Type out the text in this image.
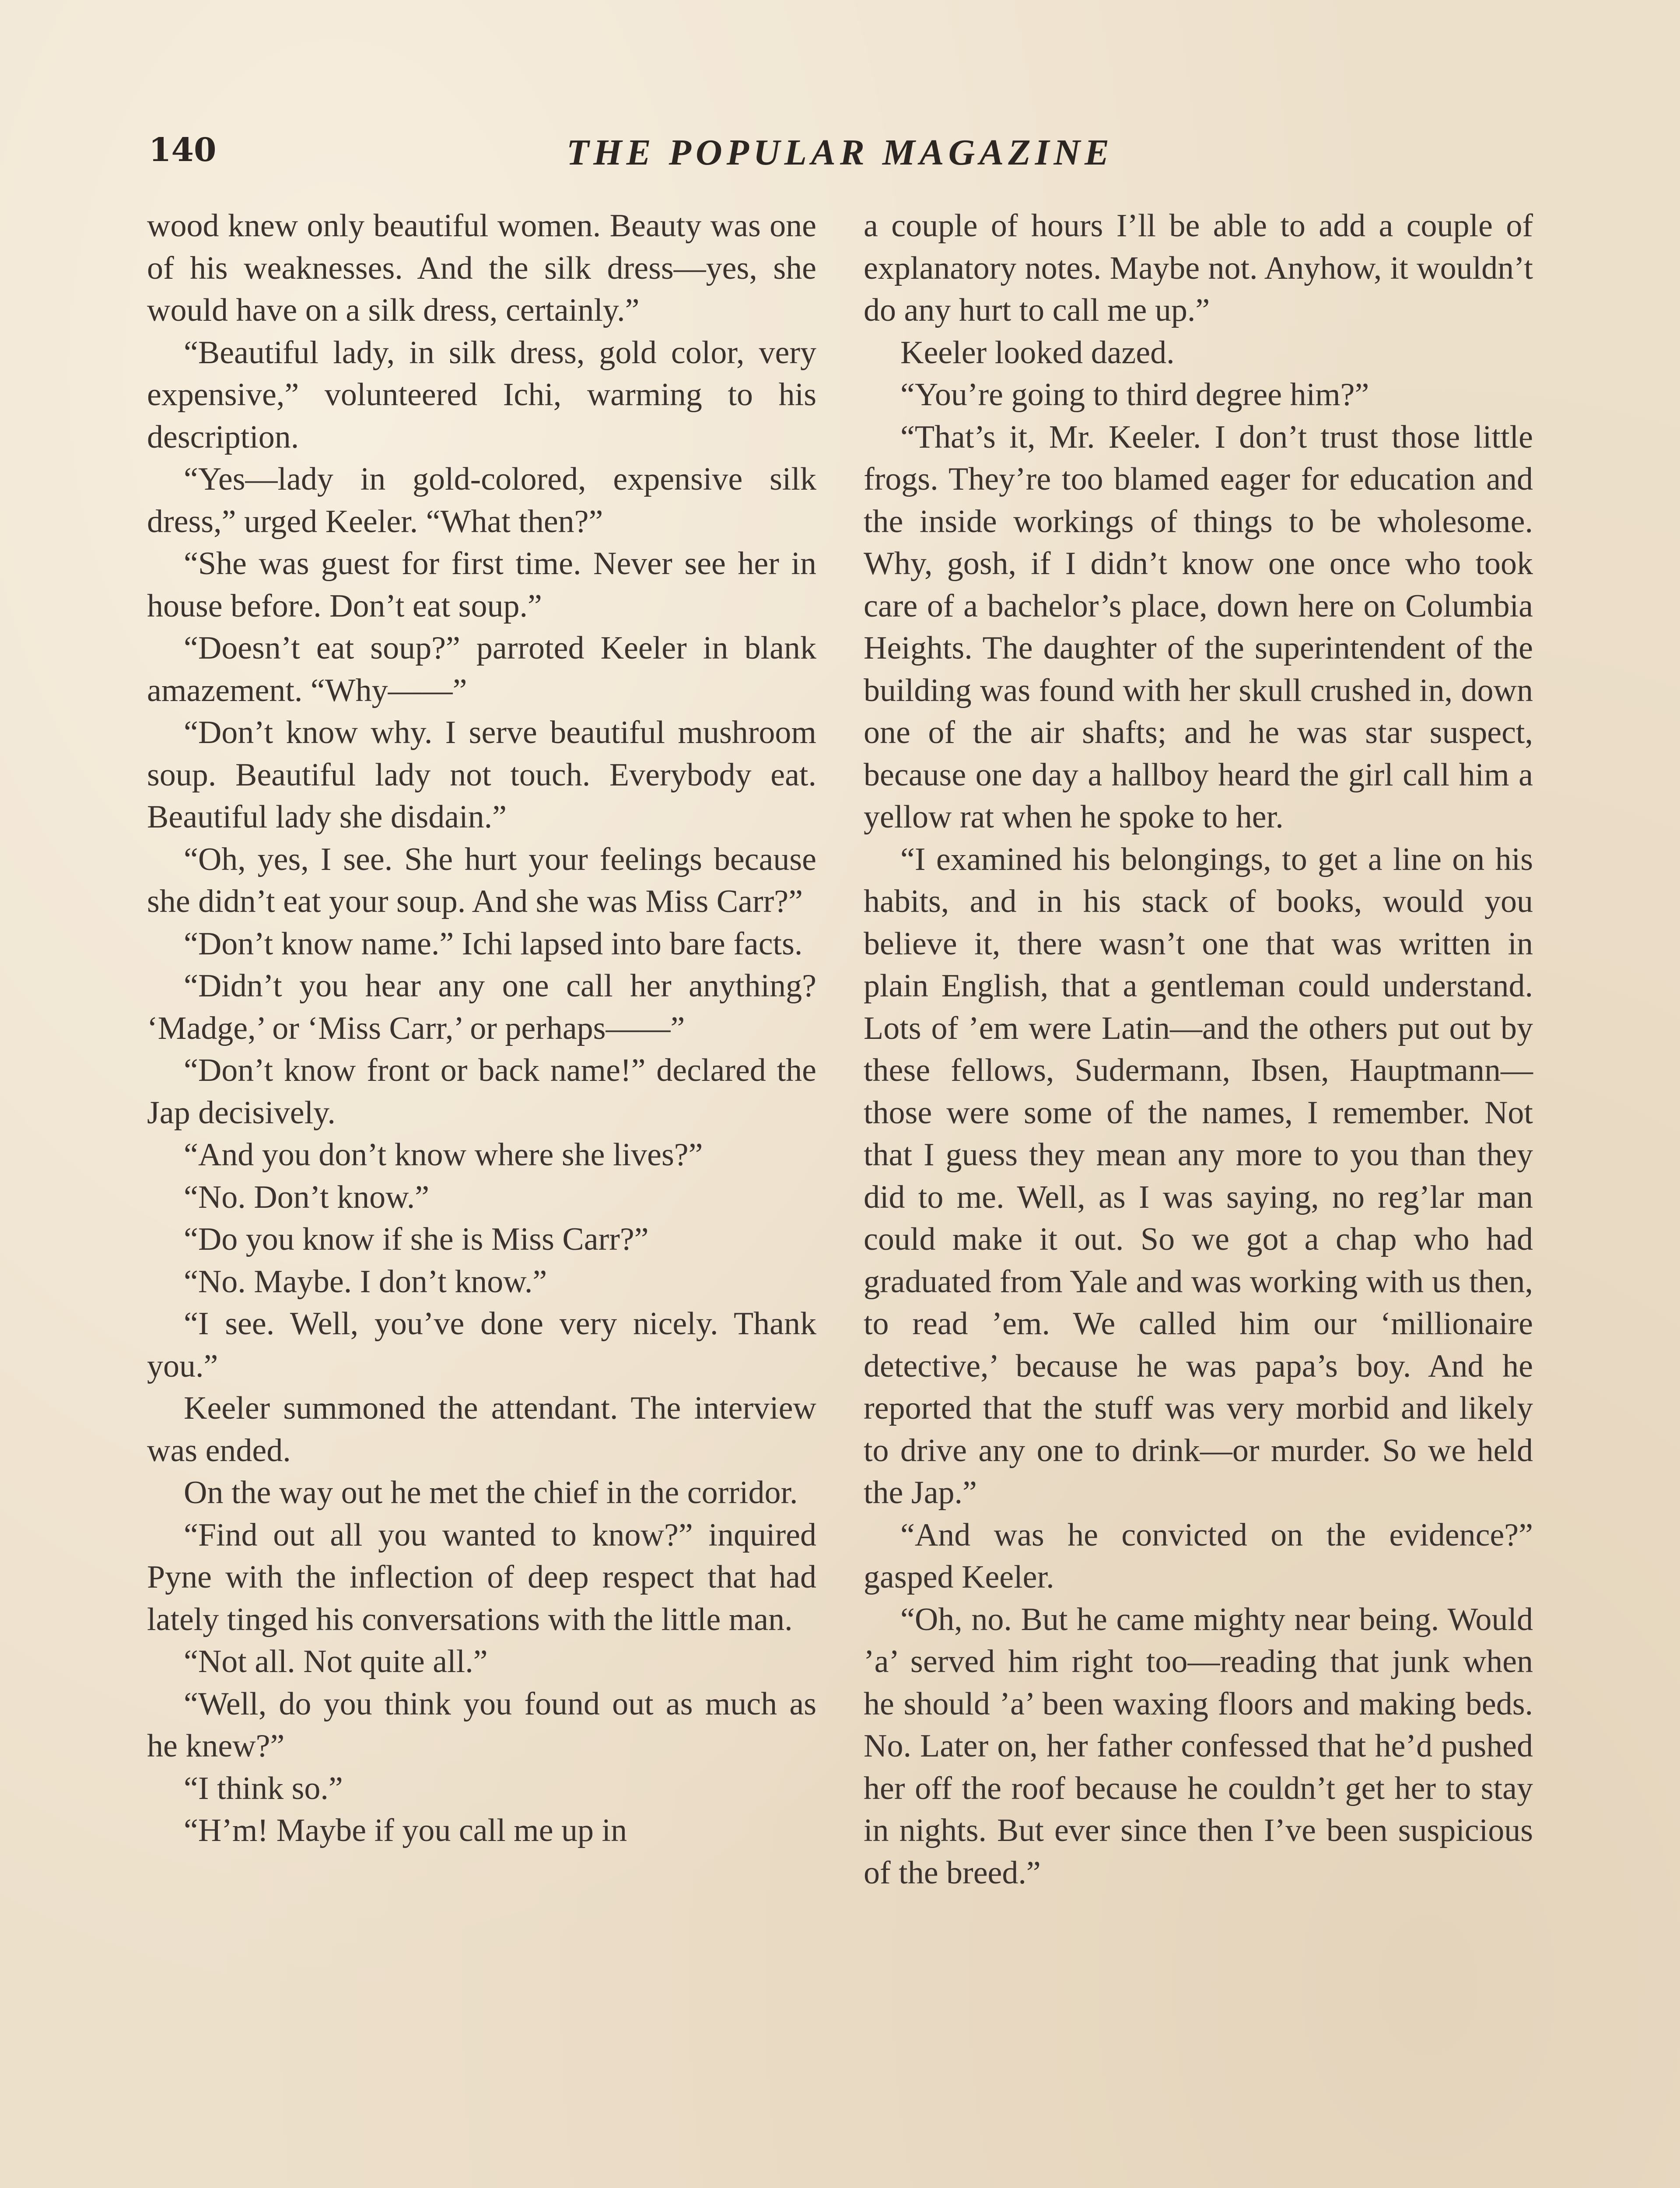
140	THE POPULAR MAGAZINE

wood knew only beautiful women. Beauty was one of his weaknesses. And the silk dress—yes, she would have on a silk dress, certainly.”

“Beautiful lady, in silk dress, gold color, very expensive,” volunteered Ichi, warming to his description.

“Yes—lady in gold-colored, expensive silk dress,” urged Keeler. “What then?”

“She was guest for first time. Never see her in house before. Don’t eat soup.”

“Doesn’t eat soup?” parroted Keeler in blank amazement. “Why——”

“Don’t know why. I serve beautiful mushroom soup. Beautiful lady not touch. Everybody eat. Beautiful lady she disdain.”

“Oh, yes, I see. She hurt your feelings because she didn’t eat your soup. And she was Miss Carr?”

“Don’t know name.” Ichi lapsed into bare facts.

“Didn’t you hear any one call her anything? ‘Madge,’ or ‘Miss Carr,’ or perhaps——”

“Don’t know front or back name!” declared the Jap decisively.

“And you don’t know where she lives?”

“No. Don’t know.”

“Do you know if she is Miss Carr?”

“No. Maybe. I don’t know.”

“I see. Well, you’ve done very nicely. Thank you.”

Keeler summoned the attendant. The interview was ended.

On the way out he met the chief in the corridor.

“Find out all you wanted to know?” inquired Pyne with the inflection of deep respect that had lately tinged his conversations with the little man.

“Not all. Not quite all.”

“Well, do you think you found out as much as he knew?”

“I think so.”

“H’m! Maybe if you call me up in

a couple of hours I’ll be able to add a couple of explanatory notes. Maybe not. Anyhow, it wouldn’t do any hurt to call me up.”

Keeler looked dazed.

“You’re going to third degree him?”

“That’s it, Mr. Keeler. I don’t trust those little frogs. They’re too blamed eager for education and the inside workings of things to be wholesome. Why, gosh, if I didn’t know one once who took care of a bachelor’s place, down here on Columbia Heights. The daughter of the superintendent of the building was found with her skull crushed in, down one of the air shafts; and he was star suspect, because one day a hallboy heard the girl call him a yellow rat when he spoke to her.

“I examined his belongings, to get a line on his habits, and in his stack of books, would you believe it, there wasn’t one that was written in plain English, that a gentleman could understand. Lots of ’em were Latin—and the others put out by these fellows, Sudermann, Ibsen, Hauptmann—those were some of the names, I remember. Not that I guess they mean any more to you than they did to me. Well, as I was saying, no reg’lar man could make it out. So we got a chap who had graduated from Yale and was working with us then, to read ’em. We called him our ‘millionaire detective,’ because he was papa’s boy. And he reported that the stuff was very morbid and likely to drive any one to drink—or murder. So we held the Jap.”

“And was he convicted on the evidence?” gasped Keeler.

“Oh, no. But he came mighty near being. Would ’a’ served him right too—reading that junk when he should ’a’ been waxing floors and making beds. No. Later on, her father confessed that he’d pushed her off the roof because he couldn’t get her to stay in nights. But ever since then I’ve been suspicious of the breed.”
